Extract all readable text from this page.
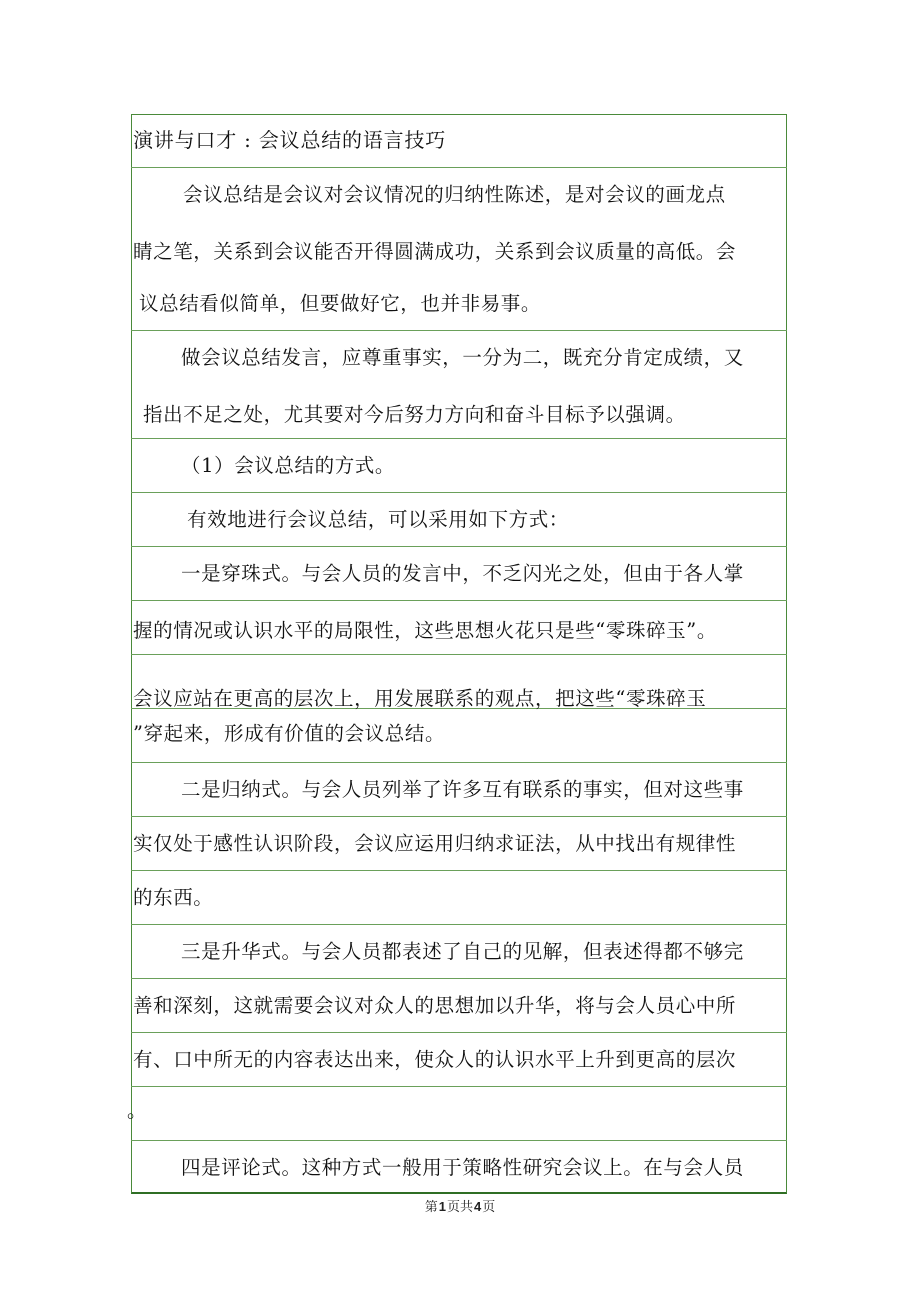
演讲与口才 : 会议总结的语言技巧
会议总结是会议对会议情况的归纳性陈述，是对会议的画龙点
睛之笔，关系到会议能否开得圆满成功，关系到会议质量的高低。会
议总结看似简单，但要做好它，也并非易事。
做会议总结发言，应尊重事实，一分为二，既充分肯定成绩，又
指出不足之处，尤其要对今后努力方向和奋斗目标予以强调。
（1）会议总结的方式。
有效地进行会议总结，可以采用如下方式：
一是穿珠式。与会人员的发言中，不乏闪光之处，但由于各人掌
握的情况或认识水平的局限性，这些思想火花只是些“零珠碎玉”。
会议应站在更高的层次上，用发展联系的观点，把这些“零珠碎玉
”穿起来，形成有价值的会议总结。
二是归纳式。与会人员列举了许多互有联系的事实，但对这些事
实仅处于感性认识阶段，会议应运用归纳求证法，从中找出有规律性
的东西。
三是升华式。与会人员都表述了自己的见解，但表述得都不够完
善和深刻，这就需要会议对众人的思想加以升华，将与会人员心中所
有、口中所无的内容表达出来，使众人的认识水平上升到更高的层次
。
四是评论式。这种方式一般用于策略性研究会议上。在与会人员
第1页共4页
